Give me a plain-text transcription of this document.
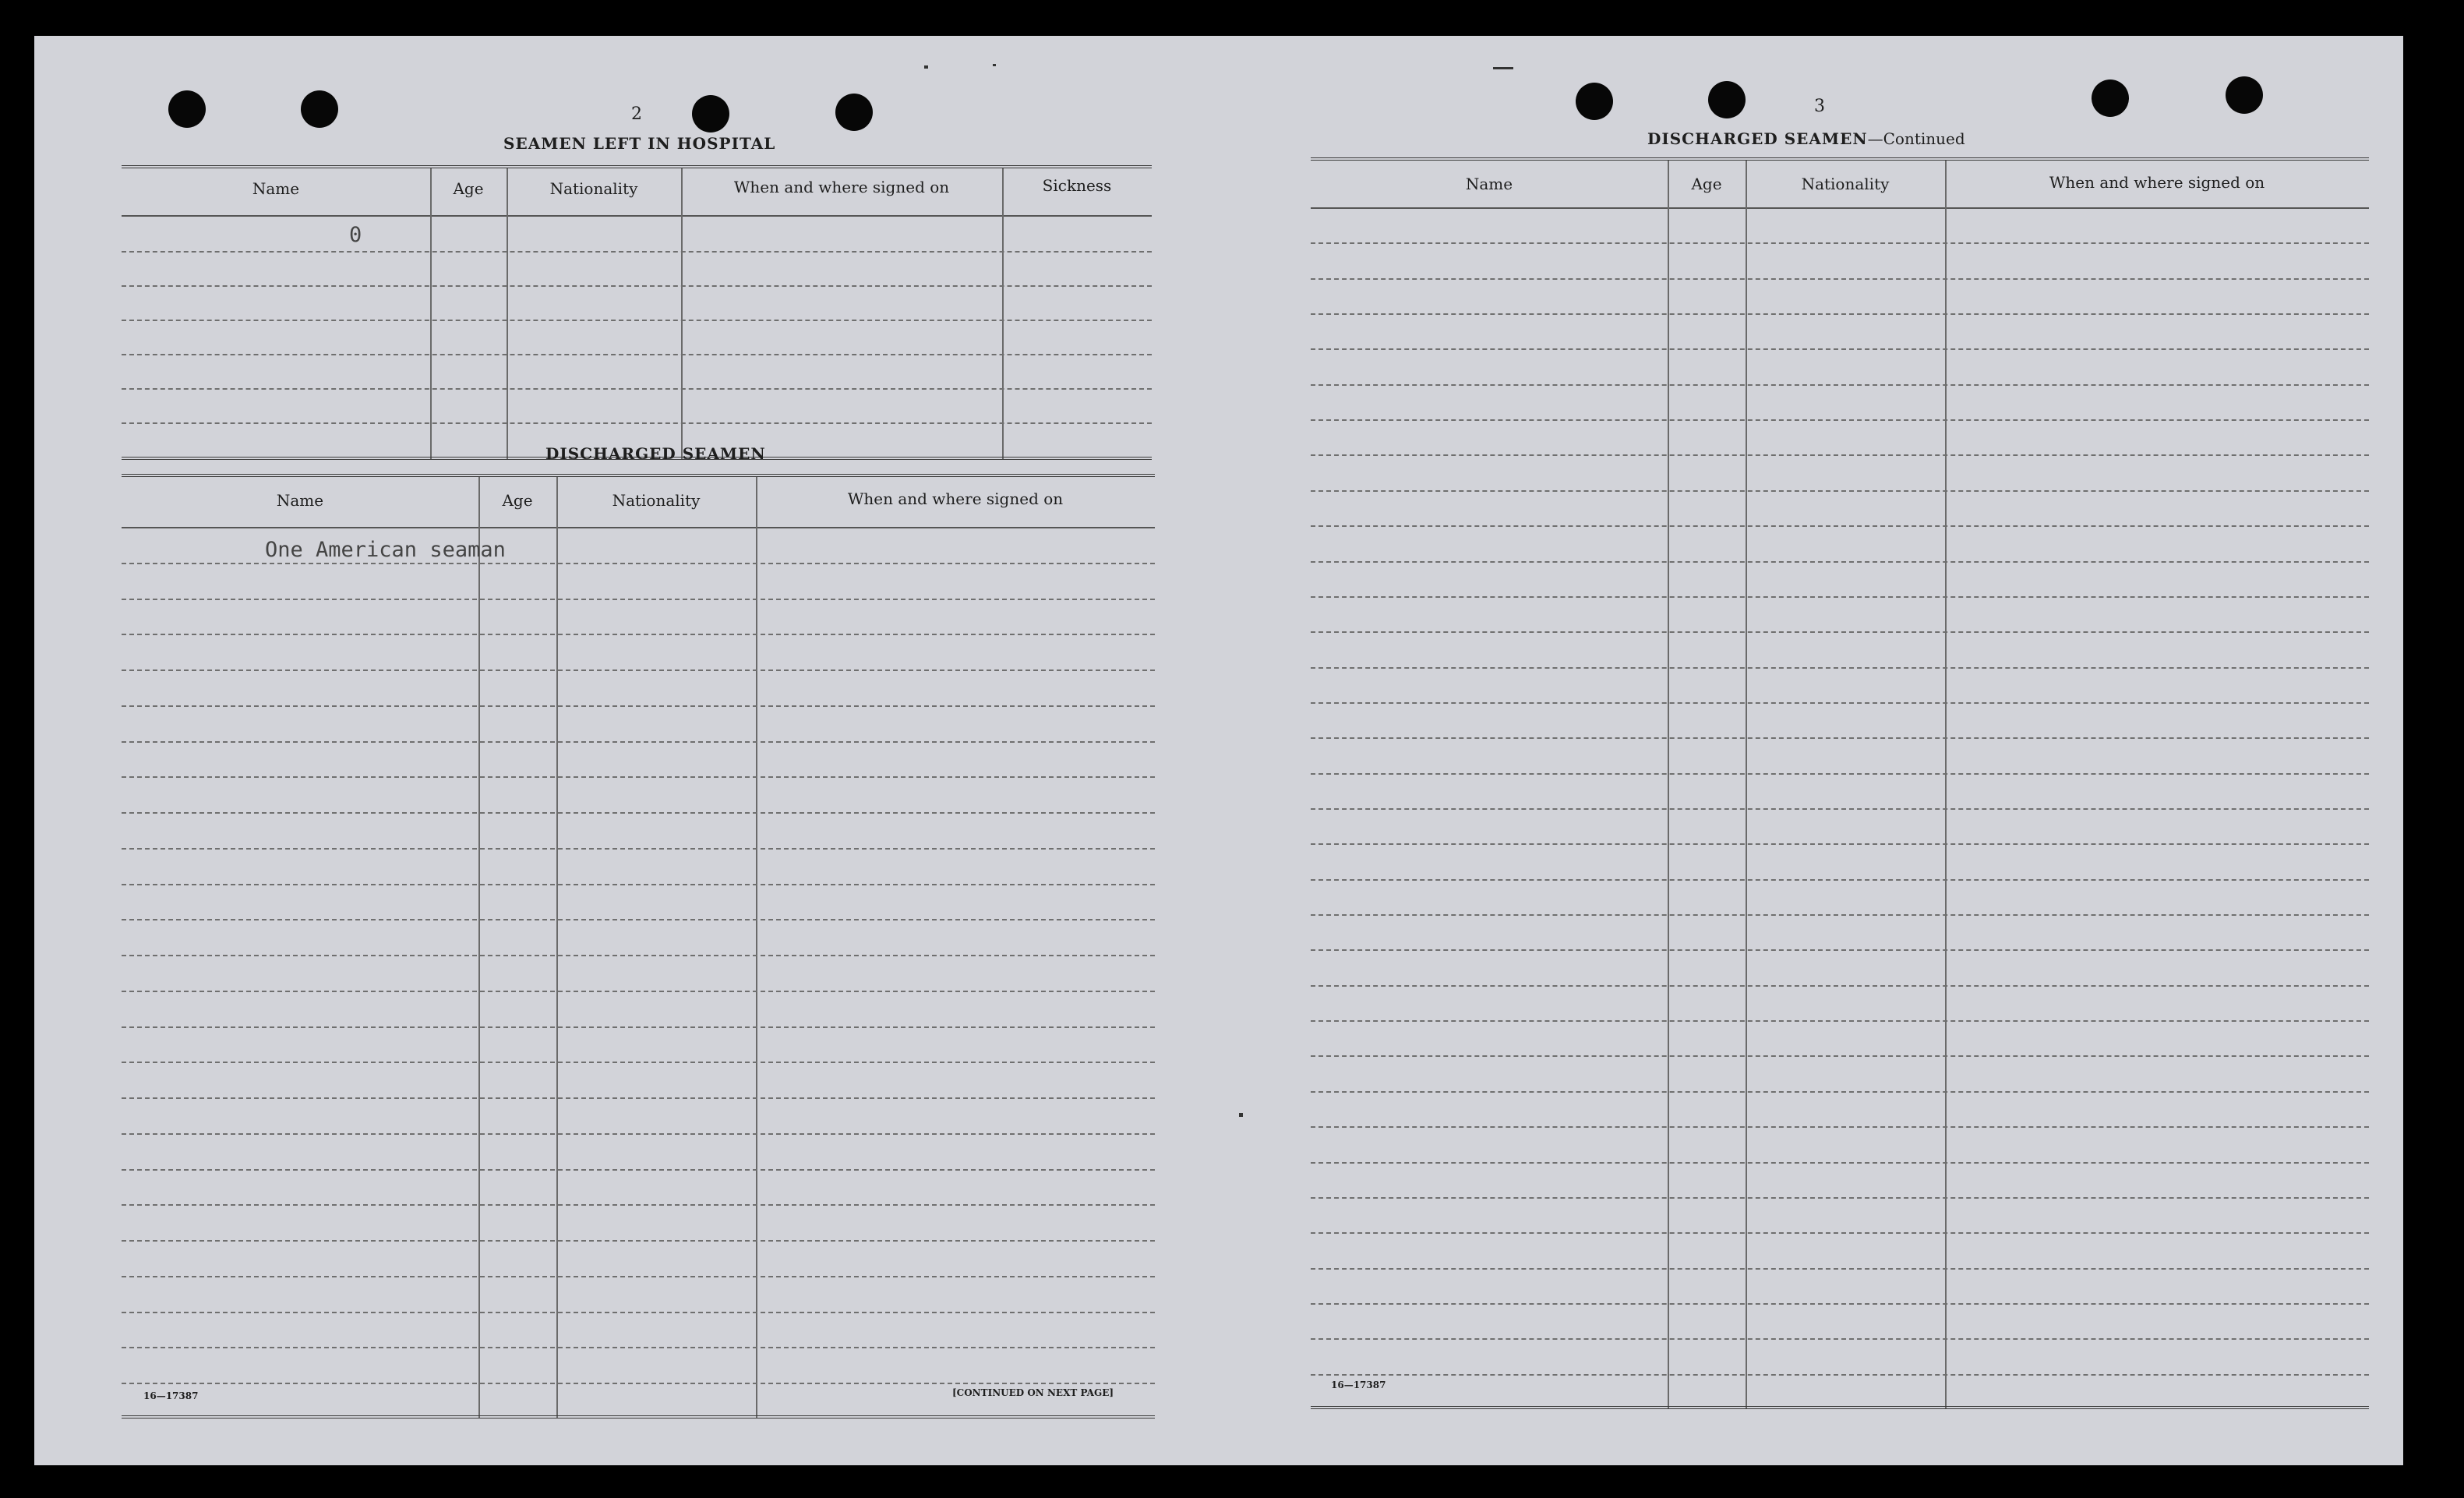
2
SEAMEN LEFT IN HOSPITAL
Name	Age	Nationality	When and where signed on	Sickness
0
DISCHARGED SEAMEN
Name	Age	Nationality	When and where signed on
One American seaman
16—17387	[CONTINUED ON NEXT PAGE]
3
DISCHARGED SEAMEN—Continued
Name	Age	Nationality	When and where signed on
16—17387
